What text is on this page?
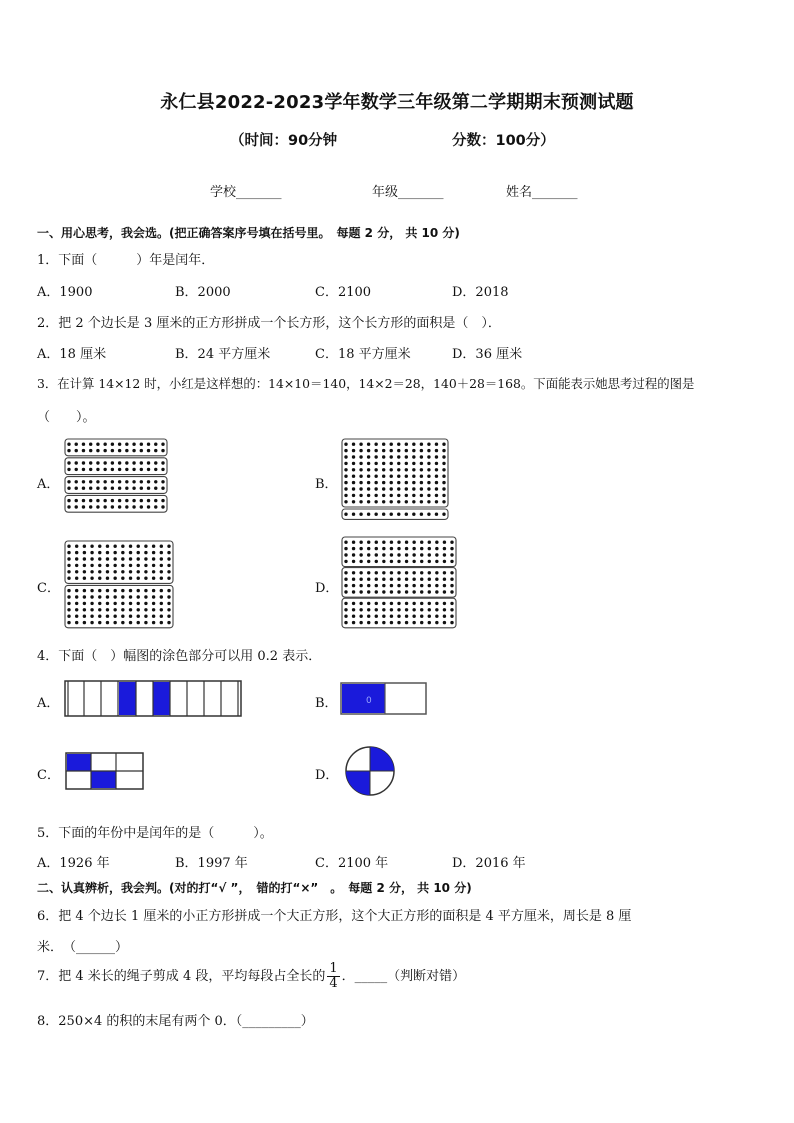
永仁县2022-2023学年数学三年级第二学期期末预测试题
（时间：90分钟	分数：100分）
学校_______	年级_______	姓名_______
一、用心思考，我会选。(把正确答案序号填在括号里。　每题 2 分， 共 10 分)
1．下面（　　　）年是闰年．
A．1900	B．2000	C．2100	D．2018
2．把 2 个边长是 3 厘米的正方形拼成一个长方形，这个长方形的面积是（　）．
A．18 厘米	B．24 平方厘米	C．18 平方厘米	D．36 厘米
3．在计算 14×12 时，小红是这样想的：14×10＝140，14×2＝28，140＋28＝168。下面能表示她思考过程的图是
（　　）。
A．	B．
C．	D．
4．下面（　）幅图的涂色部分可以用 0.2 表示．
A．	B．
C．	D．
0
5．下面的年份中是闰年的是（　　　）。
A．1926 年	B．1997 年	C．2100 年	D．2016 年
二、认真辨析，我会判。(对的打“√ ”，　错的打“×”　。　每题 2 分， 共 10 分)
6．把 4 个边长 1 厘米的小正方形拼成一个大正方形，这个大正方形的面积是 4 平方厘米，周长是 8 厘
米．　（______）
7．把 4 米长的绳子剪成 4 段，平均每段占全长的 $\frac{1}{4}$ ．_____（判断对错）
8．250×4 的积的末尾有两个 0．（_________）
